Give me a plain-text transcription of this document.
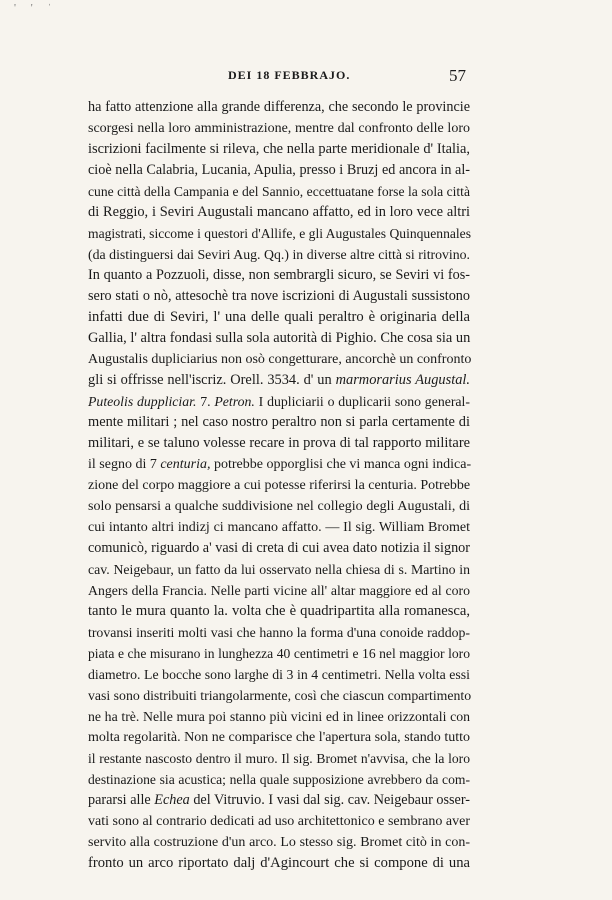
' ' ˈ
DEI 18 FEBBRAJO.	57
ha fatto attenzione alla grande differenza, che secondo le provincie
scorgesi nella loro amministrazione, mentre dal confronto delle loro
iscrizioni facilmente si rileva, che nella parte meridionale d' Italia,
cioè nella Calabria, Lucania, Apulia, presso i Bruzj ed ancora in al-
cune città della Campania e del Sannio, eccettuatane forse la sola città
di Reggio, i Seviri Augustali mancano affatto, ed in loro vece altri
magistrati, siccome i questori d'Allife, e gli Augustales Quinquennales
(da distinguersi dai Seviri Aug. Qq.) in diverse altre città si ritrovino.
In quanto a Pozzuoli, disse, non sembrargli sicuro, se Seviri vi fos-
sero stati o nò, attesochè tra nove iscrizioni di Augustali sussistono
infatti due di Seviri, l' una delle quali peraltro è originaria della
Gallia, l' altra fondasi sulla sola autorità di Pighio. Che cosa sia un
Augustalis dupliciarius non osò congetturare, ancorchè un confronto
gli si offrisse nell'iscriz. Orell. 3534. d' un marmorarius Augustal.
Puteolis duppliciar. 7. Petron. I dupliciarii o duplicarii sono general-
mente militari ; nel caso nostro peraltro non si parla certamente di
militari, e se taluno volesse recare in prova di tal rapporto militare
il segno di 7 centuria, potrebbe opporglisi che vi manca ogni indica-
zione del corpo maggiore a cui potesse riferirsi la centuria. Potrebbe
solo pensarsi a qualche suddivisione nel collegio degli Augustali, di
cui intanto altri indizj ci mancano affatto. — Il sig. William Bromet
comunicò, riguardo a' vasi di creta di cui avea dato notizia il signor
cav. Neigebaur, un fatto da lui osservato nella chiesa di s. Martino in
Angers della Francia. Nelle parti vicine all' altar maggiore ed al coro
tanto le mura quanto la. volta che è quadripartita alla romanesca,
trovansi inseriti molti vasi che hanno la forma d'una conoide raddop-
piata e che misurano in lunghezza 40 centimetri e 16 nel maggior loro
diametro. Le bocche sono larghe di 3 in 4 centimetri. Nella volta essi
vasi sono distribuiti triangolarmente, così che ciascun compartimento
ne ha trè. Nelle mura poi stanno più vicini ed in linee orizzontali con
molta regolarità. Non ne comparisce che l'apertura sola, stando tutto
il restante nascosto dentro il muro. Il sig. Bromet n'avvisa, che la loro
destinazione sia acustica; nella quale supposizione avrebbero da com-
pararsi alle Echea del Vitruvio. I vasi dal sig. cav. Neigebaur osser-
vati sono al contrario dedicati ad uso architettonico e sembrano aver
servito alla costruzione d'un arco. Lo stesso sig. Bromet citò in con-
fronto un arco riportato dalj d'Agincourt che si compone di una
